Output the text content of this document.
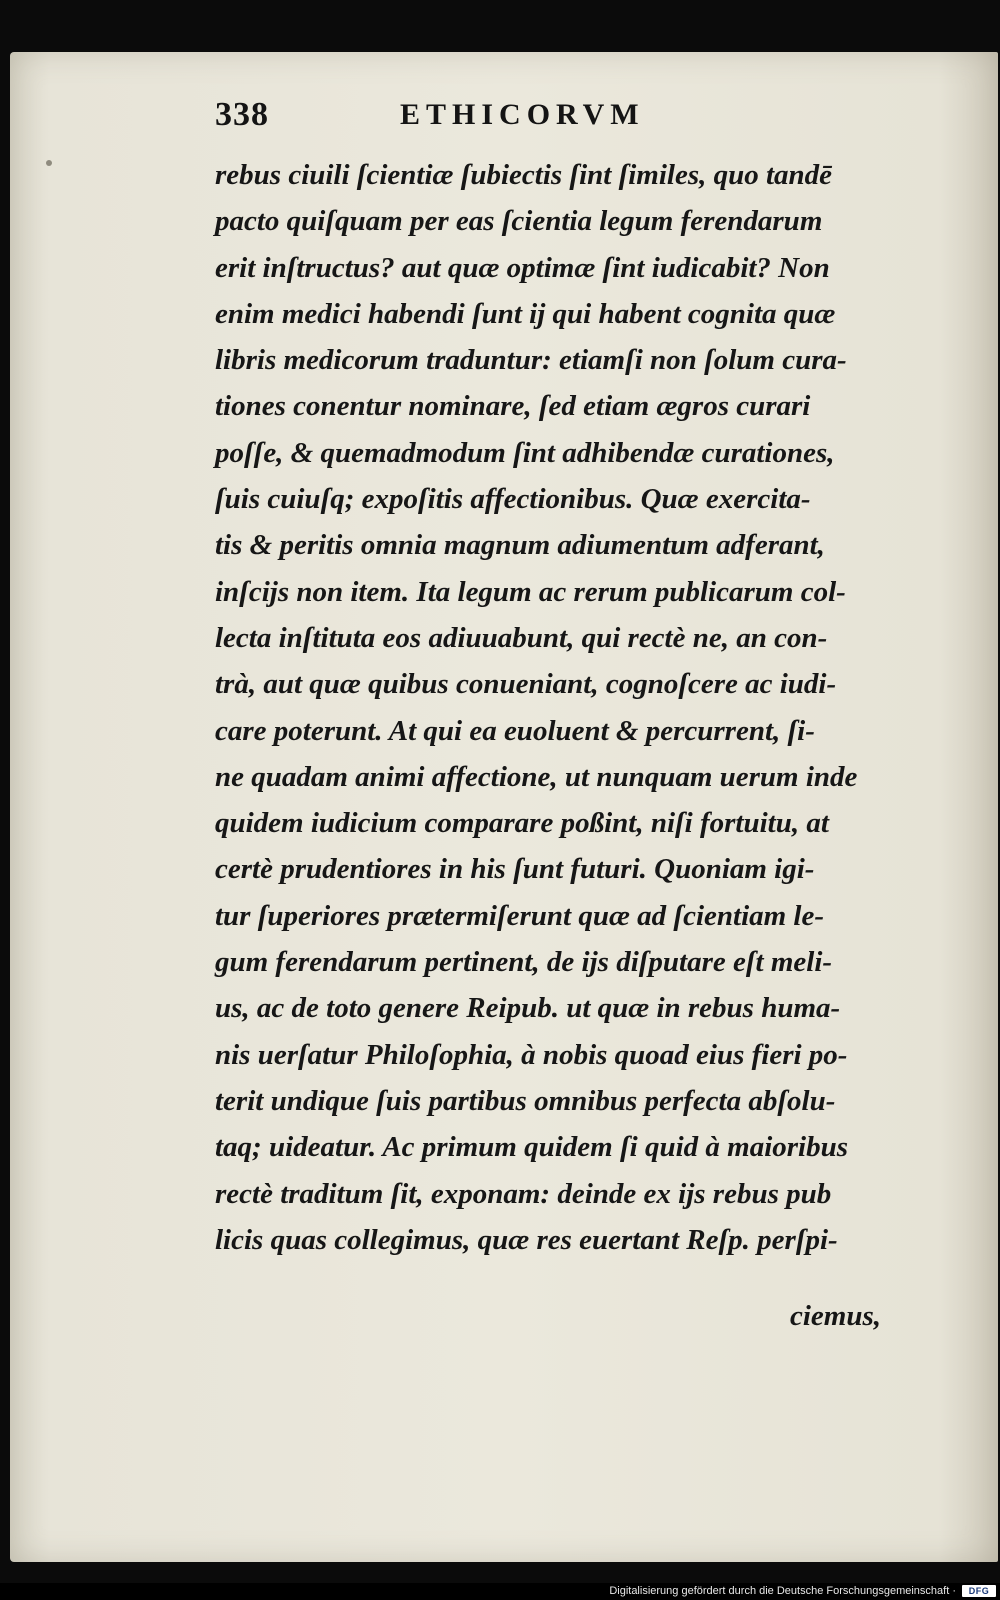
338	ETHICORVM
rebus ciuili ſcientiæ ſubiectis ſint ſimiles, quo tandē
pacto quiſquam per eas ſcientia legum ferendarum
erit inſtructus? aut quæ optimæ ſint iudicabit? Non
enim medici habendi ſunt ij qui habent cognita quæ
libris medicorum traduntur: etiamſi non ſolum cura-
tiones conentur nominare, ſed etiam ægros curari
poſſe, & quemadmodum ſint adhibendæ curationes,
ſuis cuiuſq; expoſitis affectionibus. Quæ exercita-
tis & peritis omnia magnum adiumentum adferant,
inſcijs non item. Ita legum ac rerum publicarum col-
lecta inſtituta eos adiuuabunt, qui rectè ne, an con-
trà, aut quæ quibus conueniant, cognoſcere ac iudi-
care poterunt. At qui ea euoluent & percurrent, ſi-
ne quadam animi affectione, ut nunquam uerum inde
quidem iudicium comparare poßint, niſi fortuitu, at
certè prudentiores in his ſunt futuri. Quoniam igi-
tur ſuperiores prætermiſerunt quæ ad ſcientiam le-
gum ferendarum pertinent, de ijs diſputare eſt meli-
us, ac de toto genere Reipub. ut quæ in rebus huma-
nis uerſatur Philoſophia, à nobis quoad eius fieri po-
terit undique ſuis partibus omnibus perfecta abſolu-
taq; uideatur. Ac primum quidem ſi quid à maioribus
rectè traditum ſit, exponam: deinde ex ijs rebus pub
licis quas collegimus, quæ res euertant Reſp. perſpi-
ciemus,
Digitalisierung gefördert durch die Deutsche Forschungsgemeinschaft ·	DFG
